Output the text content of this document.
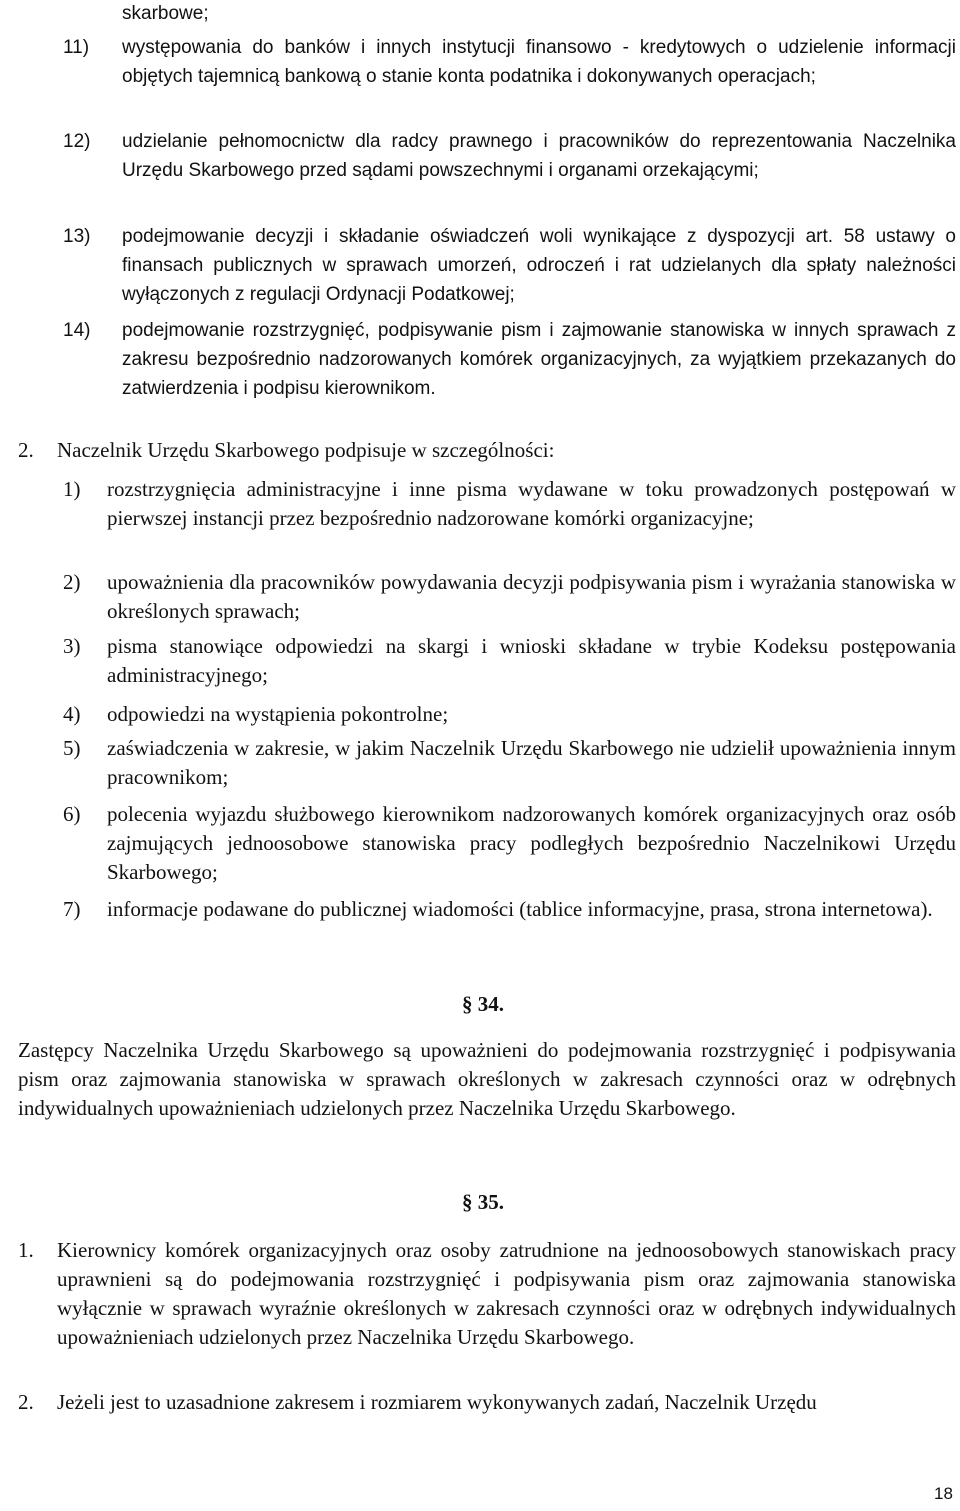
skarbowe;
11) występowania do banków i innych instytucji finansowo - kredytowych o udzielenie informacji objętych tajemnicą bankową o stanie konta podatnika i dokonywanych operacjach;
12) udzielanie pełnomocnictw dla radcy prawnego i pracowników do reprezentowania Naczelnika Urzędu Skarbowego przed sądami powszechnymi i organami orzekającymi;
13) podejmowanie decyzji i składanie oświadczeń woli wynikające z dyspozycji art. 58 ustawy o finansach publicznych w sprawach umorzeń, odroczeń i rat udzielanych dla spłaty należności wyłączonych z regulacji Ordynacji Podatkowej;
14) podejmowanie rozstrzygnięć, podpisywanie pism i zajmowanie stanowiska w innych sprawach z zakresu bezpośrednio nadzorowanych komórek organizacyjnych, za wyjątkiem przekazanych do zatwierdzenia i podpisu kierownikom.
2. Naczelnik Urzędu Skarbowego podpisuje w szczególności:
1) rozstrzygnięcia administracyjne i inne pisma wydawane w toku prowadzonych postępowań w pierwszej instancji przez bezpośrednio nadzorowane komórki organizacyjne;
2) upoważnienia dla pracowników powydawania decyzji podpisywania pism i wyrażania stanowiska w określonych sprawach;
3) pisma stanowiące odpowiedzi na skargi i wnioski składane w trybie Kodeksu postępowania administracyjnego;
4) odpowiedzi na wystąpienia pokontrolne;
5) zaświadczenia w zakresie, w jakim Naczelnik Urzędu Skarbowego nie udzielił upoważnienia innym pracownikom;
6) polecenia wyjazdu służbowego kierownikom nadzorowanych komórek organizacyjnych oraz osób zajmujących jednoosobowe stanowiska pracy podległych bezpośrednio Naczelnikowi Urzędu Skarbowego;
7) informacje podawane do publicznej wiadomości (tablice informacyjne, prasa, strona internetowa).
§ 34.
Zastępcy Naczelnika Urzędu Skarbowego są upoważnieni do podejmowania rozstrzygnięć i podpisywania pism oraz zajmowania stanowiska w sprawach określonych w zakresach czynności oraz w odrębnych indywidualnych upoważnieniach udzielonych przez Naczelnika Urzędu Skarbowego.
§ 35.
1. Kierownicy komórek organizacyjnych oraz osoby zatrudnione na jednoosobowych stanowiskach pracy uprawnieni są do podejmowania rozstrzygnięć i podpisywania pism oraz zajmowania stanowiska wyłącznie w sprawach wyraźnie określonych w zakresach czynności oraz w odrębnych indywidualnych upoważnieniach udzielonych przez Naczelnika Urzędu Skarbowego.
2. Jeżeli jest to uzasadnione zakresem i rozmiarem wykonywanych zadań, Naczelnik Urzędu
18
